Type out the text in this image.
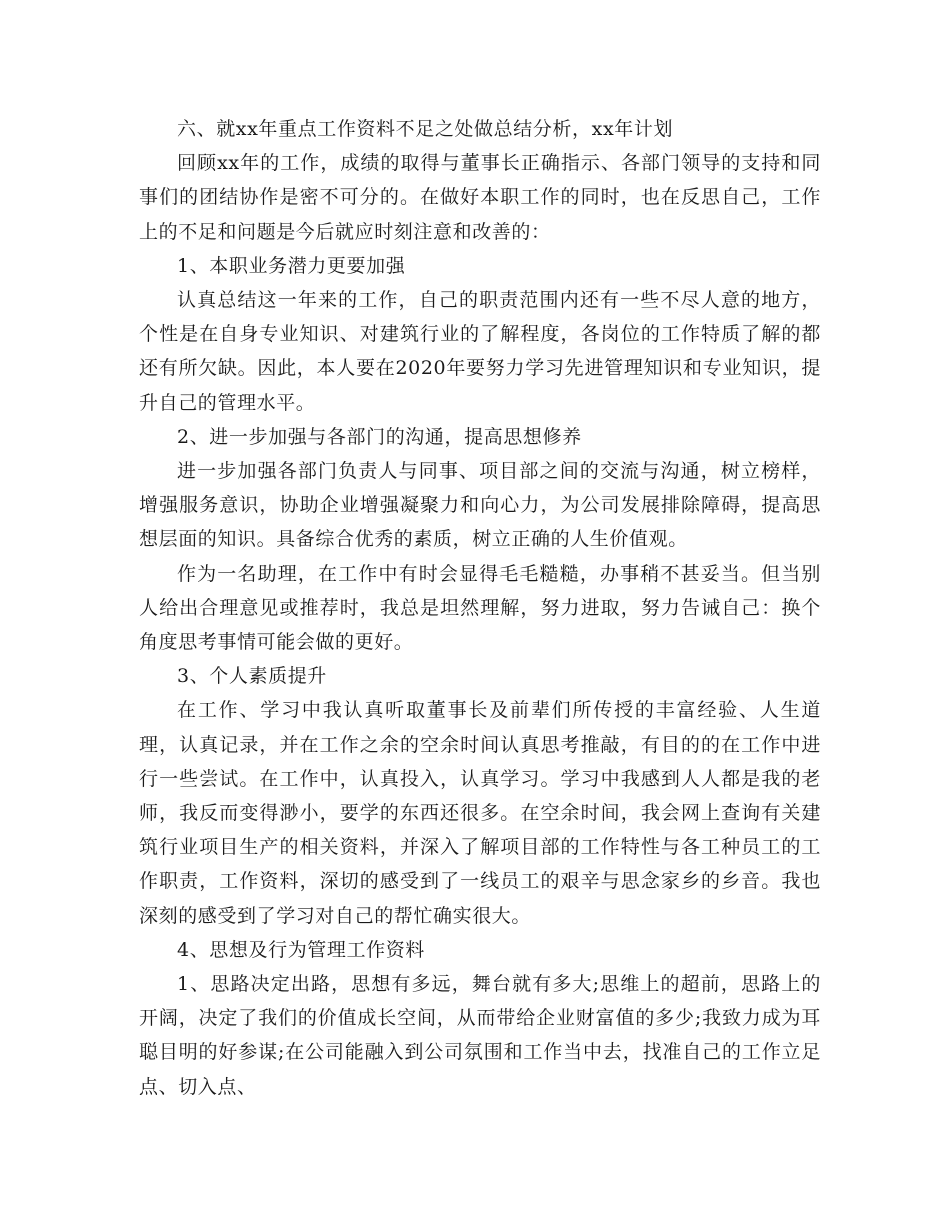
六、就xx年重点工作资料不足之处做总结分析，xx年计划

回顾xx年的工作，成绩的取得与董事长正确指示、各部门领导的支持和同事们的团结协作是密不可分的。在做好本职工作的同时，也在反思自己，工作上的不足和问题是今后就应时刻注意和改善的：

1、本职业务潜力更要加强

认真总结这一年来的工作，自己的职责范围内还有一些不尽人意的地方，个性是在自身专业知识、对建筑行业的了解程度，各岗位的工作特质了解的都还有所欠缺。因此，本人要在2020年要努力学习先进管理知识和专业知识，提升自己的管理水平。

2、进一步加强与各部门的沟通，提高思想修养

进一步加强各部门负责人与同事、项目部之间的交流与沟通，树立榜样，增强服务意识，协助企业增强凝聚力和向心力，为公司发展排除障碍，提高思想层面的知识。具备综合优秀的素质，树立正确的人生价值观。

作为一名助理，在工作中有时会显得毛毛糙糙，办事稍不甚妥当。但当别人给出合理意见或推荐时，我总是坦然理解，努力进取，努力告诫自己：换个角度思考事情可能会做的更好。

3、个人素质提升

在工作、学习中我认真听取董事长及前辈们所传授的丰富经验、人生道理，认真记录，并在工作之余的空余时间认真思考推敲，有目的的在工作中进行一些尝试。在工作中，认真投入，认真学习。学习中我感到人人都是我的老师，我反而变得渺小，要学的东西还很多。在空余时间，我会网上查询有关建筑行业项目生产的相关资料，并深入了解项目部的工作特性与各工种员工的工作职责，工作资料，深切的感受到了一线员工的艰辛与思念家乡的乡音。我也深刻的感受到了学习对自己的帮忙确实很大。

4、思想及行为管理工作资料

1、思路决定出路，思想有多远，舞台就有多大;思维上的超前，思路上的开阔，决定了我们的价值成长空间，从而带给企业财富值的多少;我致力成为耳聪目明的好参谋;在公司能融入到公司氛围和工作当中去，找准自己的工作立足点、切入点、
